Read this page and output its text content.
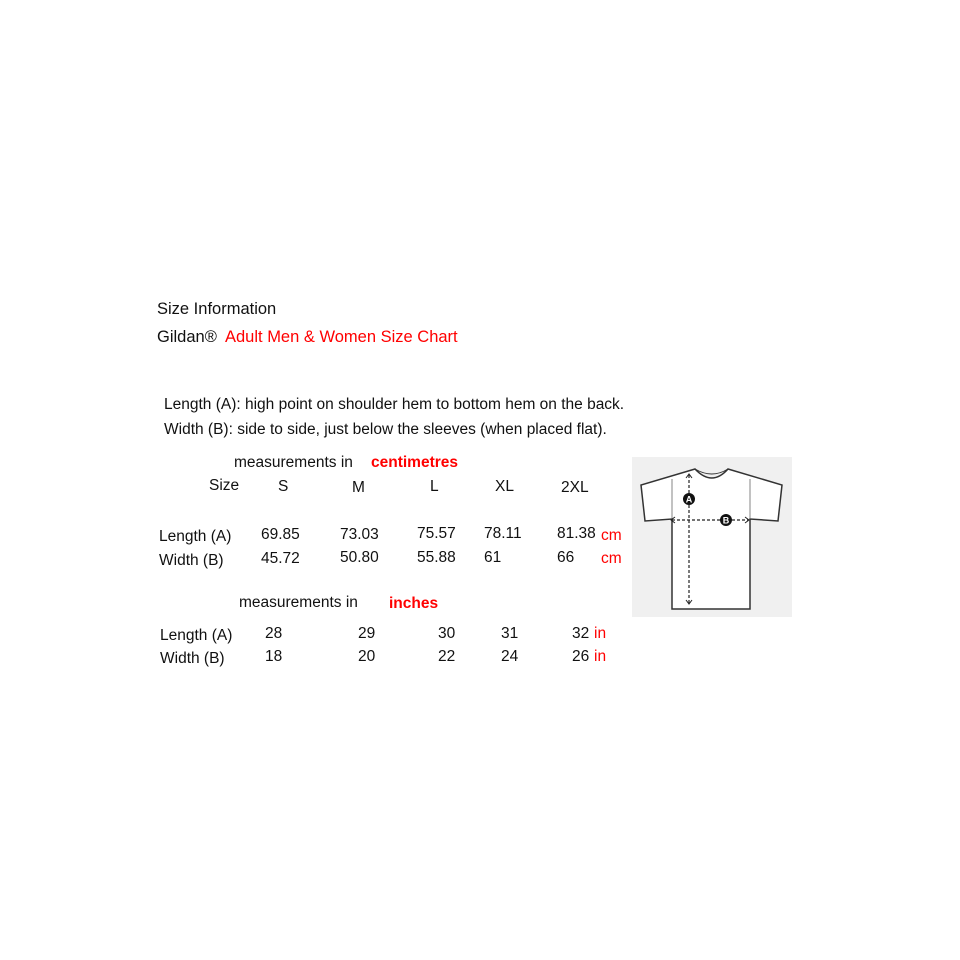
Size Information
Gildan® Adult Men & Women Size Chart
Length (A): high point on shoulder hem to bottom hem on the back.
Width (B): side to side, just below the sleeves (when placed flat).
measurements in centimetres
Size	S	M	L	XL	2XL
Length (A) 69.85	73.03 75.57 78.11 81.38 cm
Width (B) 45.72	50.80 55.88 61	66 cm
measurements in inches
Length (A) 28	29	30	31	32 in
Width (B)	18	20	22	24	26 in
A
B
